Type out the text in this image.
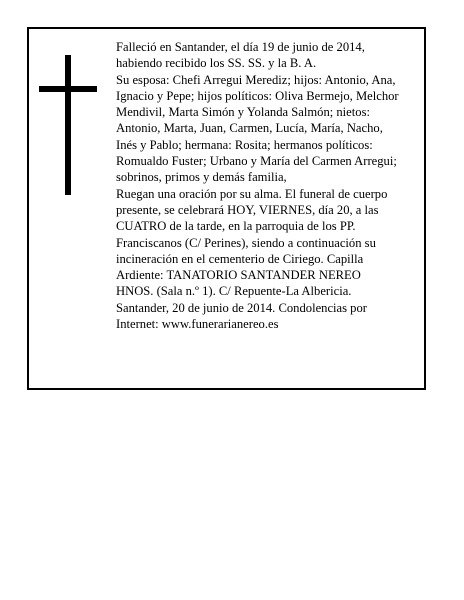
Falleció en Santander, el día 19 de junio de 2014,
habiendo recibido los SS. SS. y la B. A.
Su esposa: Chefi Arregui Merediz; hijos: Antonio, Ana,
Ignacio y Pepe; hijos políticos: Oliva Bermejo, Melchor
Mendivil, Marta Simón y Yolanda Salmón; nietos:
Antonio, Marta, Juan, Carmen, Lucía, María, Nacho,
Inés y Pablo; hermana: Rosita; hermanos políticos:
Romualdo Fuster; Urbano y María del Carmen Arregui;
sobrinos, primos y demás familia,
Ruegan una oración por su alma. El funeral de cuerpo
presente, se celebrará HOY, VIERNES, día 20, a las
CUATRO de la tarde, en la parroquia de los PP.
Franciscanos (C/ Perines), siendo a continuación su
incineración en el cementerio de Ciriego. Capilla
Ardiente: TANATORIO SANTANDER NEREO
HNOS. (Sala n.º 1). C/ Repuente-La Albericia.
Santander, 20 de junio de 2014. Condolencias por
Internet: www.funerarianereo.es
